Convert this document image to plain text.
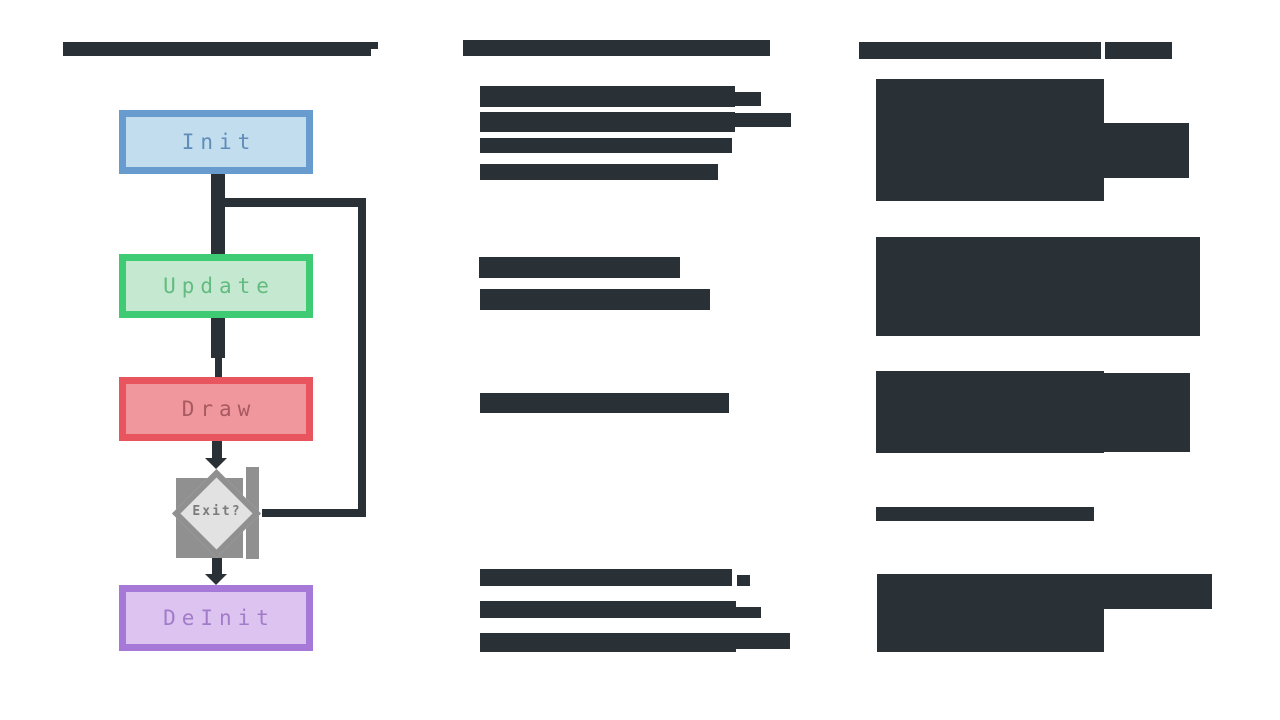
Exit?
Init
Update
Draw
DeInit
